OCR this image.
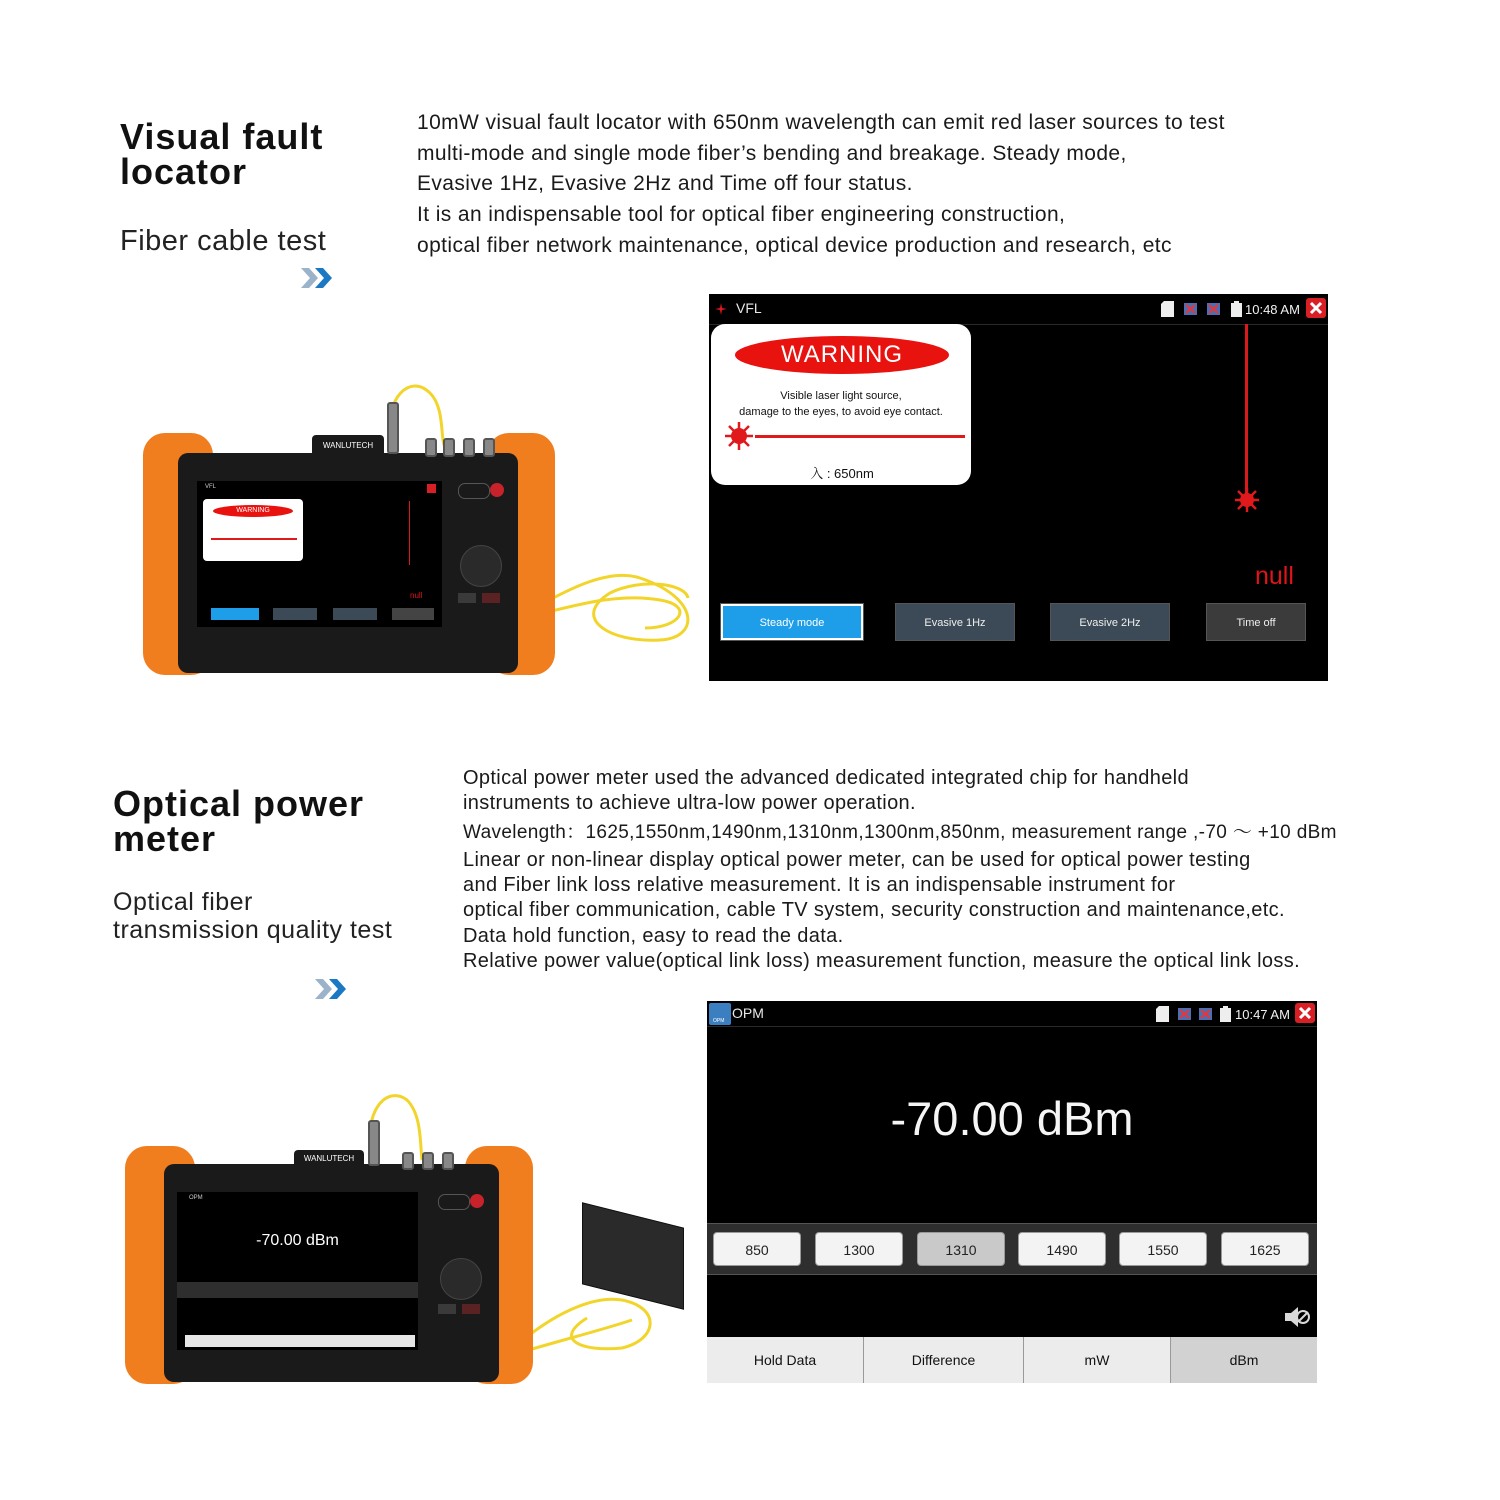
Visual fault
locator
Fiber cable test

10mW visual fault locator with 650nm wavelength can emit red laser sources to test

multi-mode and single mode fiber’s bending and breakage. Steady mode,

Evasive 1Hz, Evasive 2Hz and Time off four status.

It is an indispensable tool for optical fiber engineering construction,

optical fiber network maintenance, optical device production and research, etc

WANLUTECH
VFL
WARNING
null
VFL	10:48 AM
WARNING
Visible laser light source,
damage to the eyes, to avoid eye contact.
入 : 650nm
null
Steady mode	Evasive 1Hz	Evasive 2Hz	Time off
Optical power
meter
Optical fiber
transmission quality test

Optical power meter used the advanced dedicated integrated chip for handheld

instruments to achieve ultra-low power operation.

Wavelength：1625,1550nm,1490nm,1310nm,1300nm,850nm, measurement range ,-70 ～ +10 dBm

Linear or non-linear display optical power meter, can be used for optical power testing

and Fiber link loss relative measurement. It is an indispensable instrument for

optical fiber communication, cable TV system, security construction and maintenance,etc.

Data hold function, easy to read the data.

Relative power value(optical link loss) measurement function, measure the optical link loss.

WANLUTECH
OPM
-70.00 dBm
OPM OPM	10:47 AM
-70.00 dBm
850	1300	1310	1490	1550	1625
Hold Data	Difference	mW	dBm
